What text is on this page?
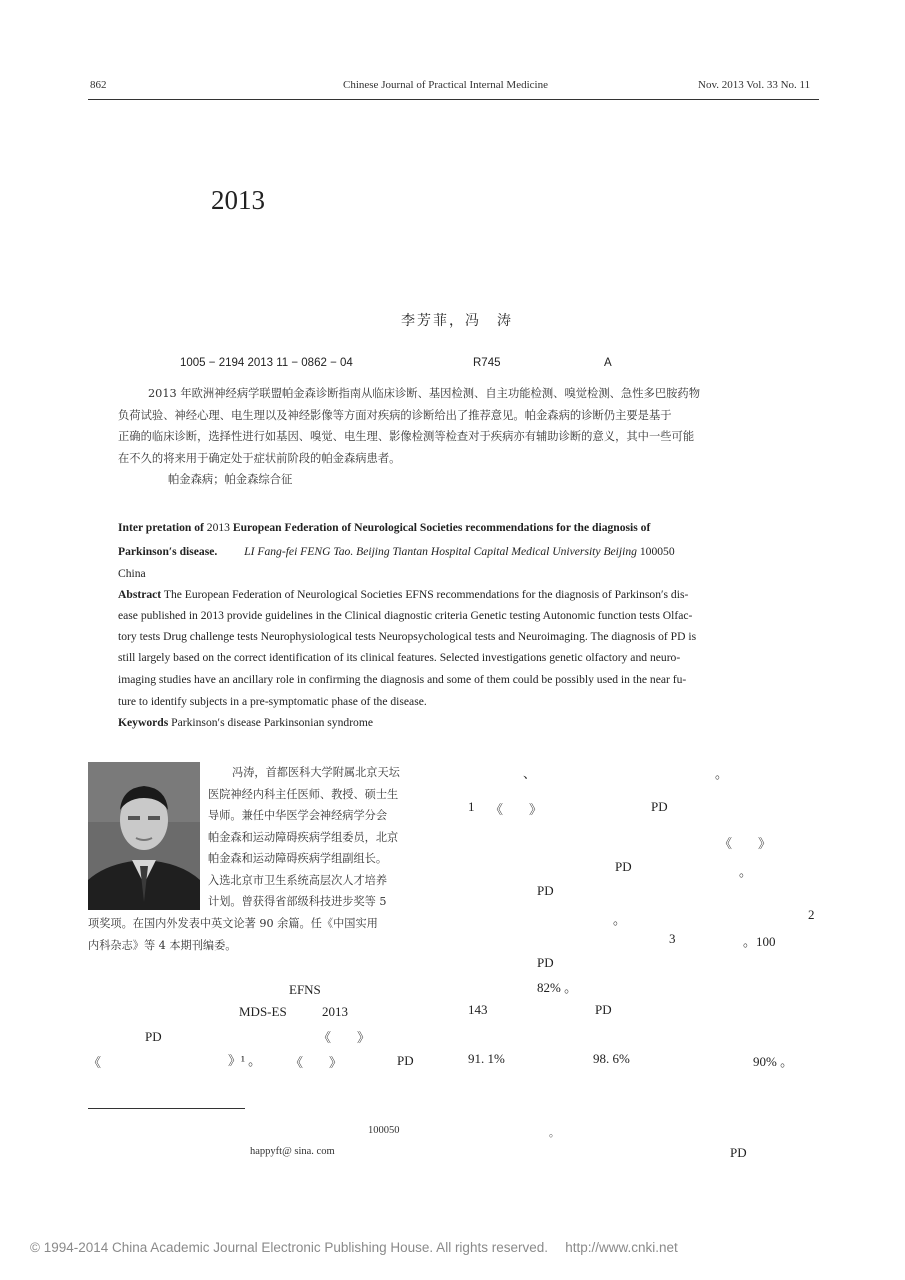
862	Chinese Journal of Practical Internal Medicine	Nov. 2013 Vol. 33 No. 11
2013
李芳菲，冯　涛
1005 − 2194 2013 11 − 0862 − 04	R745	A

2013 年欧洲神经病学联盟帕金森诊断指南从临床诊断、基因检测、自主功能检测、嗅觉检测、急性多巴胺药物

负荷试验、神经心理、电生理以及神经影像等方面对疾病的诊断给出了推荐意见。帕金森病的诊断仍主要是基于

正确的临床诊断，选择性进行如基因、嗅觉、电生理、影像检测等检查对于疾病亦有辅助诊断的意义，其中一些可能

在不久的将来用于确定处于症状前阶段的帕金森病患者。

帕金森病；帕金森综合征

Inter pretation of 2013 European Federation of Neurological Societies recommendations for the diagnosis of
Parkinson′s disease. LI Fang-fei FENG Tao. Beijing Tiantan Hospital Capital Medical University Beijing 100050
China
Abstract The European Federation of Neurological Societies EFNS recommendations for the diagnosis of Parkinson′s dis-
ease published in 2013 provide guidelines in the Clinical diagnostic criteria Genetic testing Autonomic function tests Olfac-
tory tests Drug challenge tests Neurophysiological tests Neuropsychological tests and Neuroimaging. The diagnosis of PD is
still largely based on the correct identification of its clinical features. Selected investigations genetic olfactory and neuro-
imaging studies have an ancillary role in confirming the diagnosis and some of them could be possibly used in the near fu-
ture to identify subjects in a pre-symptomatic phase of the disease.
Keywords Parkinson′s disease Parkinsonian syndrome
冯涛，首都医科大学附属北京天坛
医院神经内科主任医师、教授、硕士生
导师。兼任中华医学会神经病学分会
帕金森和运动障碍疾病学组委员，北京
帕金森和运动障碍疾病学组副组长。
入选北京市卫生系统高层次人才培养
计划。曾获得省部级科技进步奖等 5
项奖项。在国内外发表中英文论著 90 余篇。任《中国实用
内科杂志》等 4 本期刊编委。
EFNS
MDS-ES	2013
《　　》
PD
《	》¹ 。 《　　》	PD
、	。
1 《　　》	PD
《　　》
PD	。
PD
。	2
3	。100
PD
82% 。
143	PD
91. 1%	98. 6%	90% 。
100050	。
happyft@ sina. com	PD
© 1994-2014 China Academic Journal Electronic Publishing House. All rights reserved.　 http://www.cnki.net
